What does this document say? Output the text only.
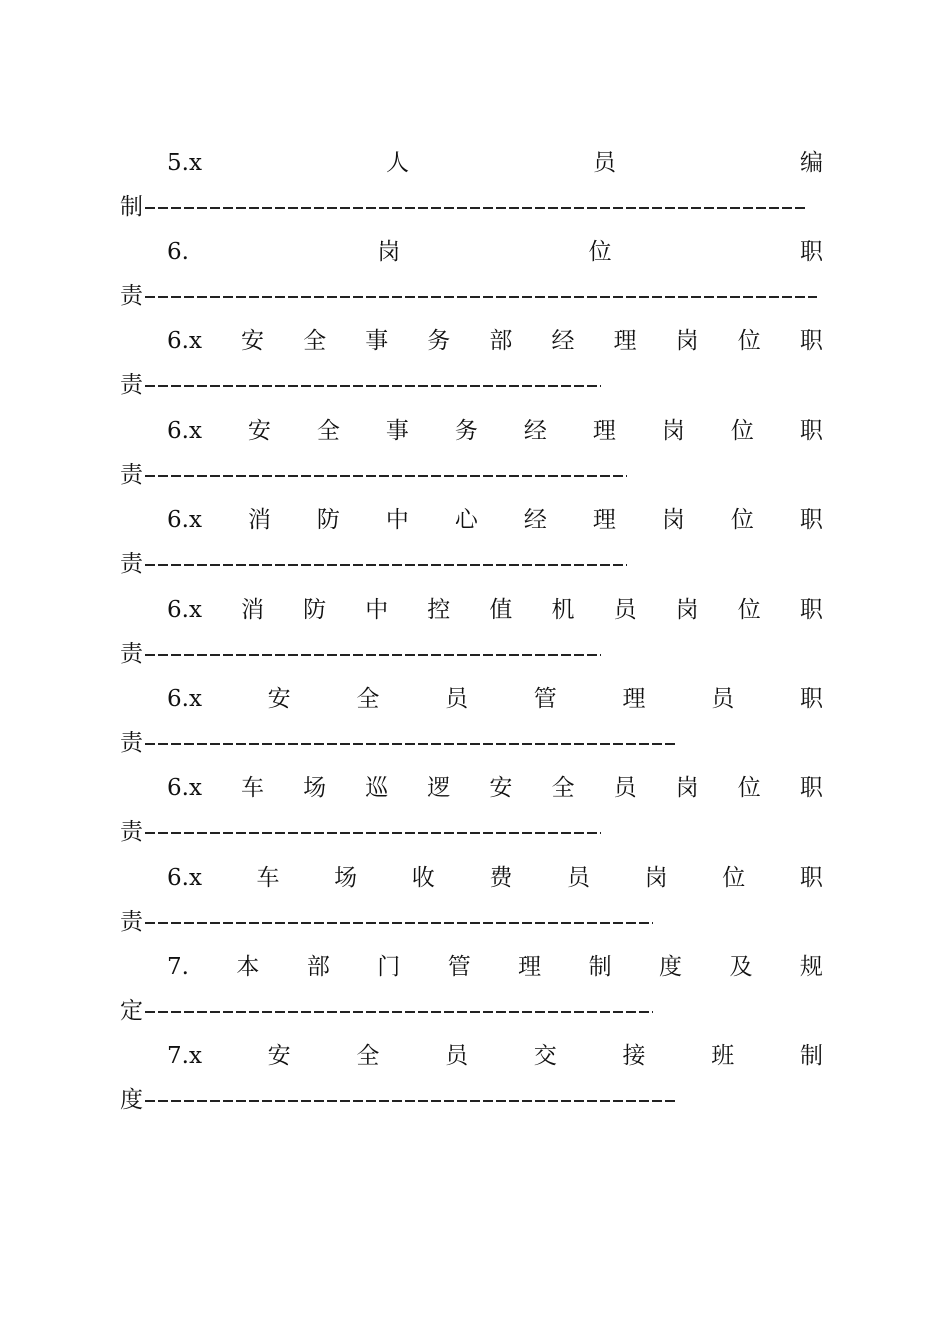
5.x	人	员	编
制
6.	岗	位	职
责
6.x 安 全 事 务 部 经 理 岗 位 职
责
6.x 安 全 事 务 经 理 岗 位 职
责
6.x 消 防 中 心 经 理 岗 位 职
责
6.x 消 防 中 控 值 机 员 岗 位 职
责
6.x	安	全	员	管	理	员	职
责
6.x 车 场 巡 逻 安 全 员 岗 位 职
责
6.x 车 场 收 费 员 岗 位 职
责
7. 本 部 门 管 理 制 度 及 规
定
7.x	安	全	员	交	接	班	制
度
